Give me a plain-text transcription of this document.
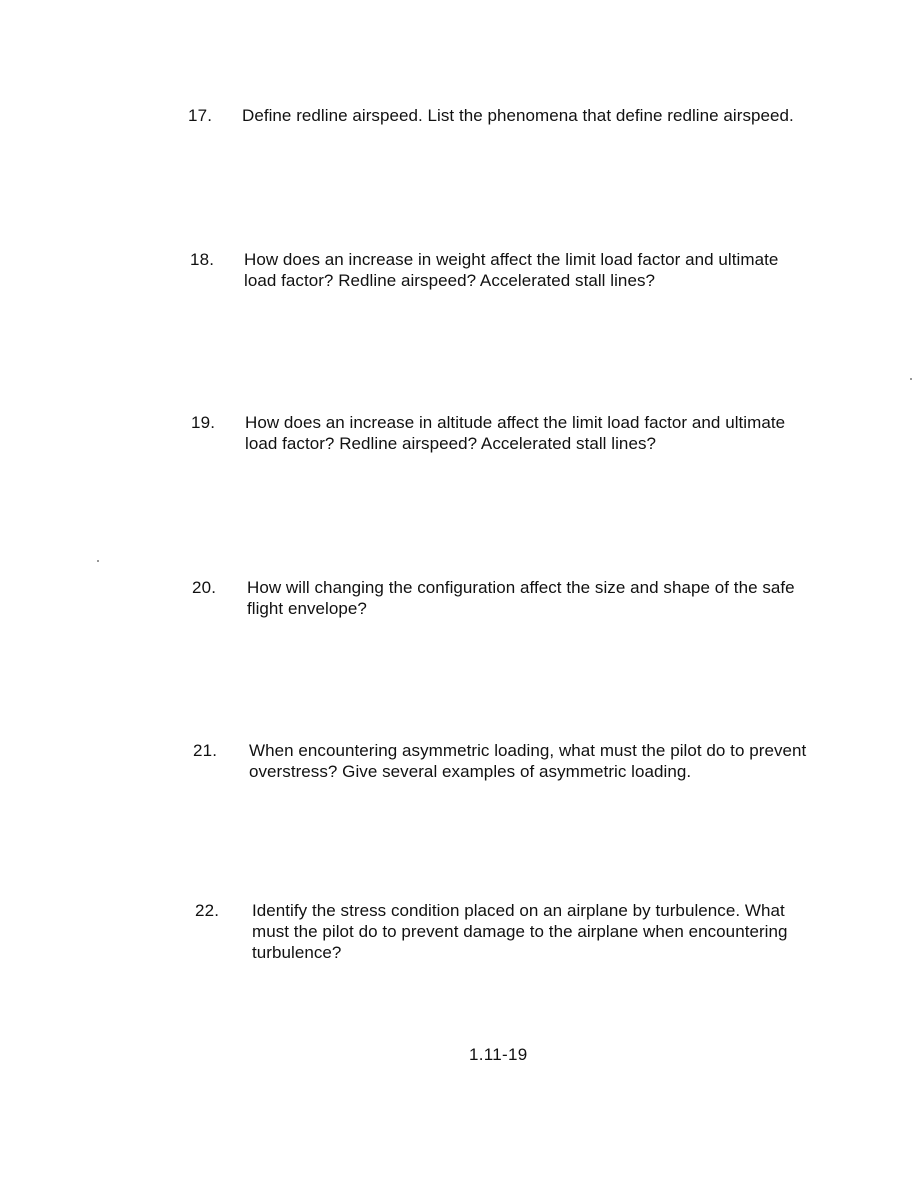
17. Define redline airspeed. List the phenomena that define redline airspeed.
18. How does an increase in weight affect the limit load factor and ultimate
load factor? Redline airspeed? Accelerated stall lines?
19. How does an increase in altitude affect the limit load factor and ultimate
load factor? Redline airspeed? Accelerated stall lines?
20. How will changing the configuration affect the size and shape of the safe
flight envelope?
21. When encountering asymmetric loading, what must the pilot do to prevent
overstress? Give several examples of asymmetric loading.
22. Identify the stress condition placed on an airplane by turbulence. What
must the pilot do to prevent damage to the airplane when encountering
turbulence?
1.11-19
